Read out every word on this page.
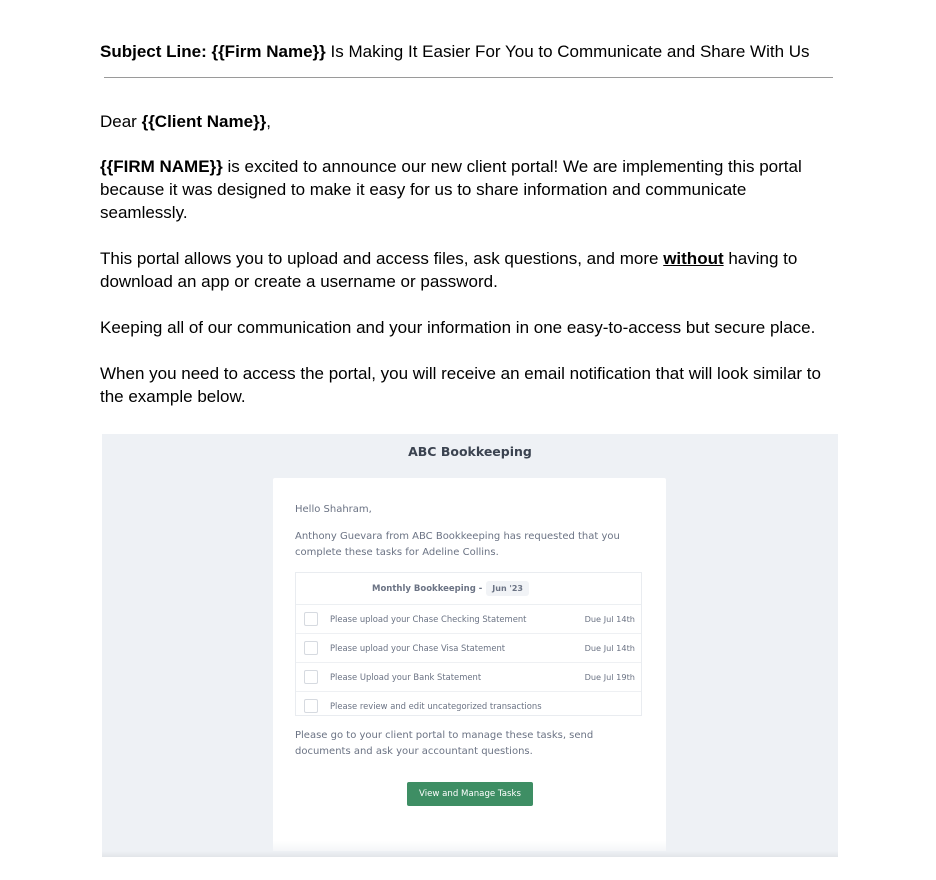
Subject Line: {{Firm Name}} Is Making It Easier For You to Communicate and Share With Us
Dear {{Client Name}},
{{FIRM NAME}} is excited to announce our new client portal! We are implementing this portal
because it was designed to make it easy for us to share information and communicate
seamlessly.
This portal allows you to upload and access files, ask questions, and more without having to
download an app or create a username or password.
Keeping all of our communication and your information in one easy-to-access but secure place.
When you need to access the portal, you will receive an email notification that will look similar to
the example below.
ABC Bookkeeping
Hello Shahram,
Anthony Guevara from ABC Bookkeeping has requested that you complete these tasks for Adeline Collins.
Monthly Bookkeeping -	Jun '23
Please upload your Chase Checking Statement	Due Jul 14th
Please upload your Chase Visa Statement	Due Jul 14th
Please Upload your Bank Statement	Due Jul 19th
Please review and edit uncategorized transactions
Please go to your client portal to manage these tasks, send documents and ask your accountant questions.
View and Manage Tasks
